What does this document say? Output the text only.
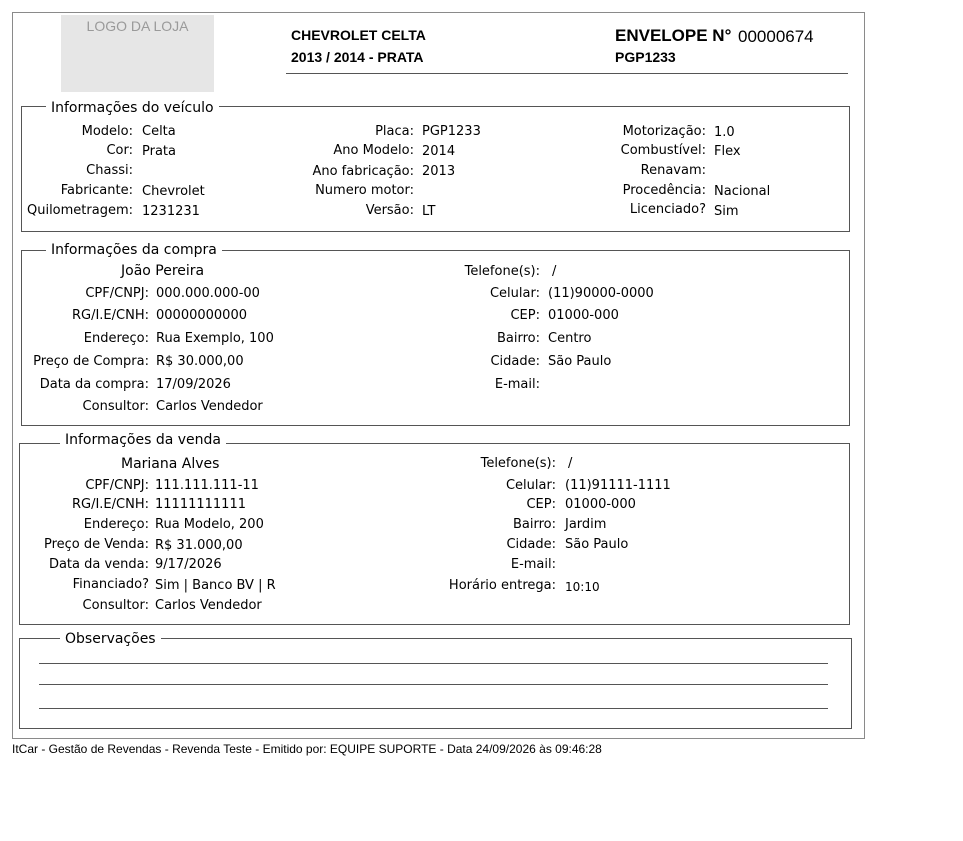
LOGO DA LOJA
CHEVROLET CELTA
2013 / 2014 - PRATA
ENVELOPE N° 00000674
PGP1233
Informações do veículo
Modelo: Celta
Cor: Prata
Chassi:
Fabricante: Chevrolet
Quilometragem: 1231231
Placa: PGP1233
Ano Modelo: 2014
Ano fabricação: 2013
Numero motor:
Versão: LT
Motorização: 1.0
Combustível: Flex
Renavam:
Procedência: Nacional
Licenciado? Sim
Informações da compra
João Pereira
CPF/CNPJ: 000.000.000-00
RG/I.E/CNH: 00000000000
Endereço: Rua Exemplo, 100
Preço de Compra: R$ 30.000,00
Data da compra: 17/09/2026
Consultor: Carlos Vendedor
Telefone(s): /
Celular: (11)90000-0000
CEP: 01000-000
Bairro: Centro
Cidade: São Paulo
E-mail:
Informações da venda
Mariana Alves
CPF/CNPJ: 111.111.111-11
RG/I.E/CNH: 11111111111
Endereço: Rua Modelo, 200
Preço de Venda: R$ 31.000,00
Data da venda: 9/17/2026
Financiado? Sim | Banco BV | R
Consultor: Carlos Vendedor
Telefone(s): /
Celular: (11)91111-1111
CEP: 01000-000
Bairro: Jardim
Cidade: São Paulo
E-mail:
Horário entrega: 10:10
Observações
ItCar - Gestão de Revendas - Revenda Teste - Emitido por: EQUIPE SUPORTE - Data 24/09/2026 às 09:46:28
